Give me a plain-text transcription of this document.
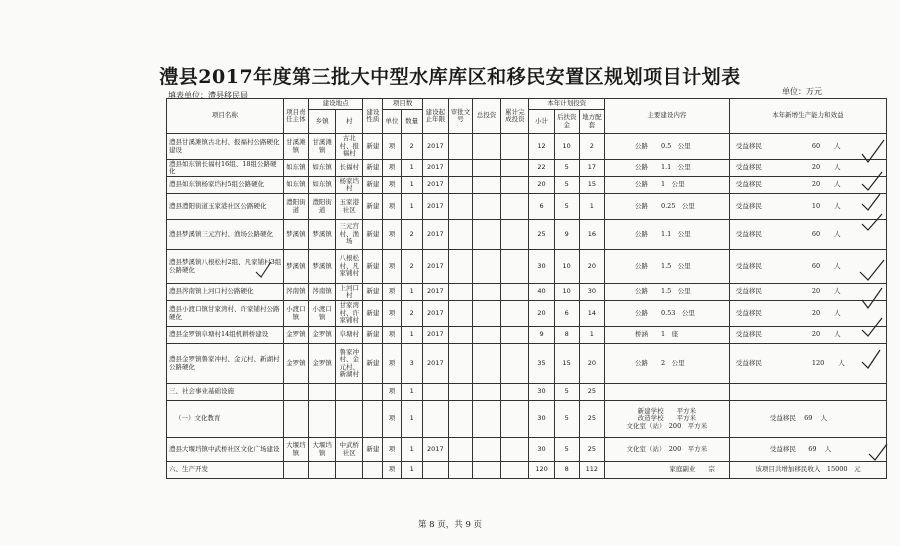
澧县2017年度第三批大中型水库库区和移民安置区规划项目计划表
填表单位：澧县移民局	单位：万元
项目名称	项目责任主体	建设地点		建设性质	项目数		建设起止年限	审批文号	总投资	累计完成投资	本年计划投资			主要建设内容	本年新增生产能力和效益
		乡镇	村		单位	数量					小计	后扶资金	地方配套		
澧县甘溪滩镇古北村、报福村公路硬化建设	甘溪滩镇	甘溪滩镇	古北村、报福村	新建	项	2	2017				12	10	2	公路　　0.5　公里	受益移民 60 人
澧县如东镇长福村16组、18组公路硬化	如东镇	如东镇	长福村	新建	项	1	2017				22	5	17	公路　　1.1　公里	受益移民 20 人
澧县如东镇杨家垱村5组公路硬化	如东镇	如东镇	杨家垱村	新建	项	1	2017				20	5	15	公路　　1　公里	受益移民 20 人
澧县澧阳街道玉家港社区公路硬化	澧阳街道	澧阳街道	玉家港社区	新建	项	1	2017				6	5	1	公路　　0.25　公里	受益移民 10 人
澧县梦溪镇三元宫村、渔场公路硬化	梦溪镇	梦溪镇	三元宫村、渔场	新建	项	2	2017				25	9	16	公路　　1.1　公里	受益移民 60 人
澧县梦溪镇八根松村2组、凡家铺村3组公路硬化	梦溪镇	梦溪镇	八根松村、凡家铺村	新建	项	2	2017				30	10	20	公路　　1.5　公里	受益移民 60 人
澧县涔南镇上河口村公路硬化	涔南镇	涔南镇	上河口村	新建	项	1	2017				40	10	30	公路　　1.5　公里	受益移民 20 人
澧县小渡口镇甘家湾村、许家铺村公路硬化	小渡口镇	小渡口镇	甘家湾村、许家铺村	新建	项	2	2017				20	6	14	公路　　0.53　公里	受益移民 20 人
澧县金罗镇阜塘村14组机耕桥建设	金罗镇	金罗镇	阜塘村	新建	项	1	2017				9	8	1	桥涵　　1　座	受益移民 20 人
澧县金罗镇鲁家冲村、金元村、新湖村公路硬化	金罗镇	金罗镇	鲁家冲村、金元村、新湖村	新建	项	3	2017				35	15	20	公路　　2　公里	受益移民 120 人
三、社会事业基础设施					项	1					30	5	25		
（一）文化教育					项	1					30	5	25	新建学校　　平方米
改造学校　　平方米
文化室（站）　200　平方米	受益移民 69 人
澧县大堰垱镇中武桥社区文化广场建设	大堰垱镇	大堰垱镇	中武桥社区	新建	项	1	2017				30	5	25	文化室（站）　200　平方米	受益移民 69 人
六、生产开发					项	1					120	8	112	家庭副业　　宗	该项目共增加移民收入　15000　元
第 8 页，共 9 页
